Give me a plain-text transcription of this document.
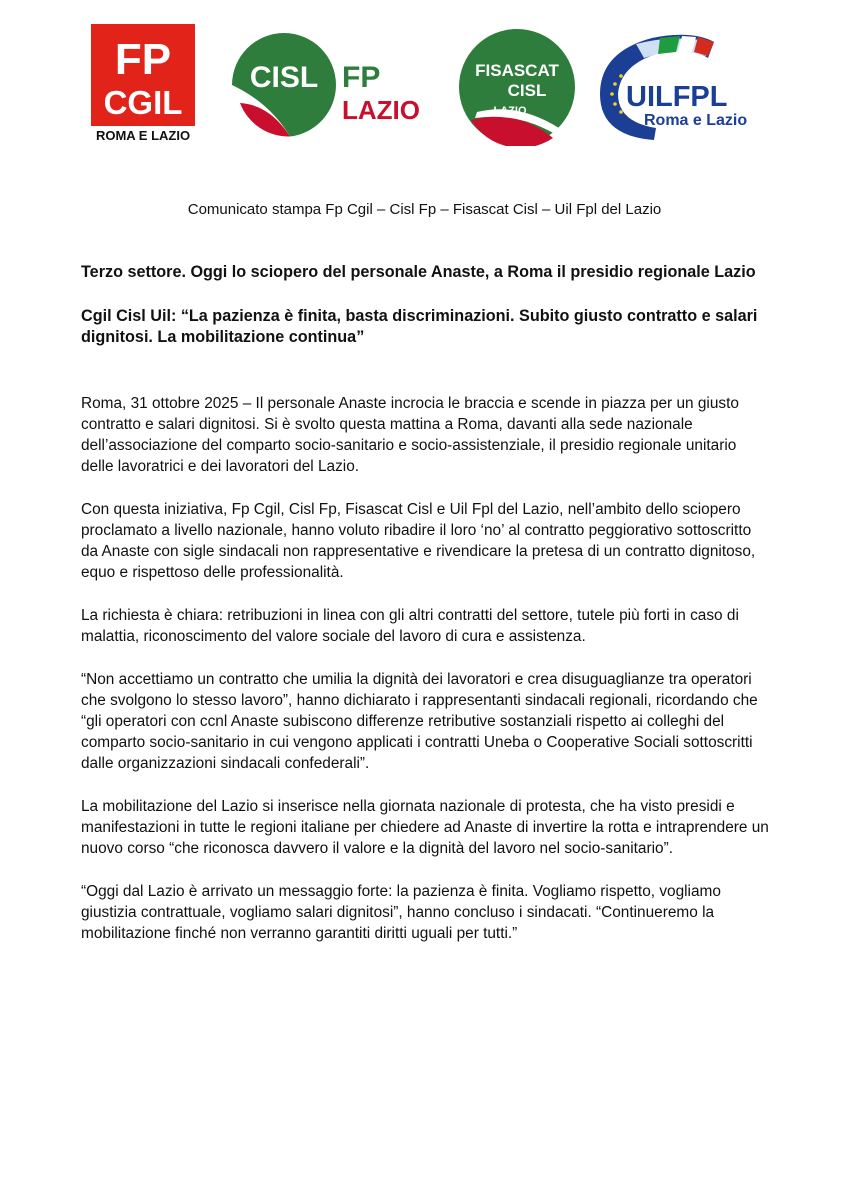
FP
CGIL
ROMA E LAZIO
CISL FP
LAZIO
FISASCAT
CISL
LAZIO	UILFPL
Roma e Lazio
Comunicato stampa Fp Cgil – Cisl Fp – Fisascat Cisl – Uil Fpl del Lazio

Terzo settore. Oggi lo sciopero del personale Anaste, a Roma il presidio regionale Lazio

Cgil Cisl Uil: “La pazienza è finita, basta discriminazioni. Subito giusto contratto e salari dignitosi. La mobilitazione continua”

Roma, 31 ottobre 2025 – Il personale Anaste incrocia le braccia e scende in piazza per un giusto contratto e salari dignitosi. Si è svolto questa mattina a Roma, davanti alla sede nazionale dell’associazione del comparto socio-sanitario e socio-assistenziale, il presidio regionale unitario delle lavoratrici e dei lavoratori del Lazio.

Con questa iniziativa, Fp Cgil, Cisl Fp, Fisascat Cisl e Uil Fpl del Lazio, nell’ambito dello sciopero proclamato a livello nazionale, hanno voluto ribadire il loro ‘no’ al contratto peggiorativo sottoscritto da Anaste con sigle sindacali non rappresentative e rivendicare la pretesa di un contratto dignitoso, equo e rispettoso delle professionalità.

La richiesta è chiara: retribuzioni in linea con gli altri contratti del settore, tutele più forti in caso di malattia, riconoscimento del valore sociale del lavoro di cura e assistenza.

“Non accettiamo un contratto che umilia la dignità dei lavoratori e crea disuguaglianze tra operatori che svolgono lo stesso lavoro”, hanno dichiarato i rappresentanti sindacali regionali, ricordando che “gli operatori con ccnl Anaste subiscono differenze retributive sostanziali rispetto ai colleghi del comparto socio-sanitario in cui vengono applicati i contratti Uneba o Cooperative Sociali sottoscritti dalle organizzazioni sindacali confederali”.

La mobilitazione del Lazio si inserisce nella giornata nazionale di protesta, che ha visto presidi e manifestazioni in tutte le regioni italiane per chiedere ad Anaste di invertire la rotta e intraprendere un nuovo corso “che riconosca davvero il valore e la dignità del lavoro nel socio-sanitario”.

“Oggi dal Lazio è arrivato un messaggio forte: la pazienza è finita. Vogliamo rispetto, vogliamo giustizia contrattuale, vogliamo salari dignitosi”, hanno concluso i sindacati. “Continueremo la mobilitazione finché non verranno garantiti diritti uguali per tutti.”
